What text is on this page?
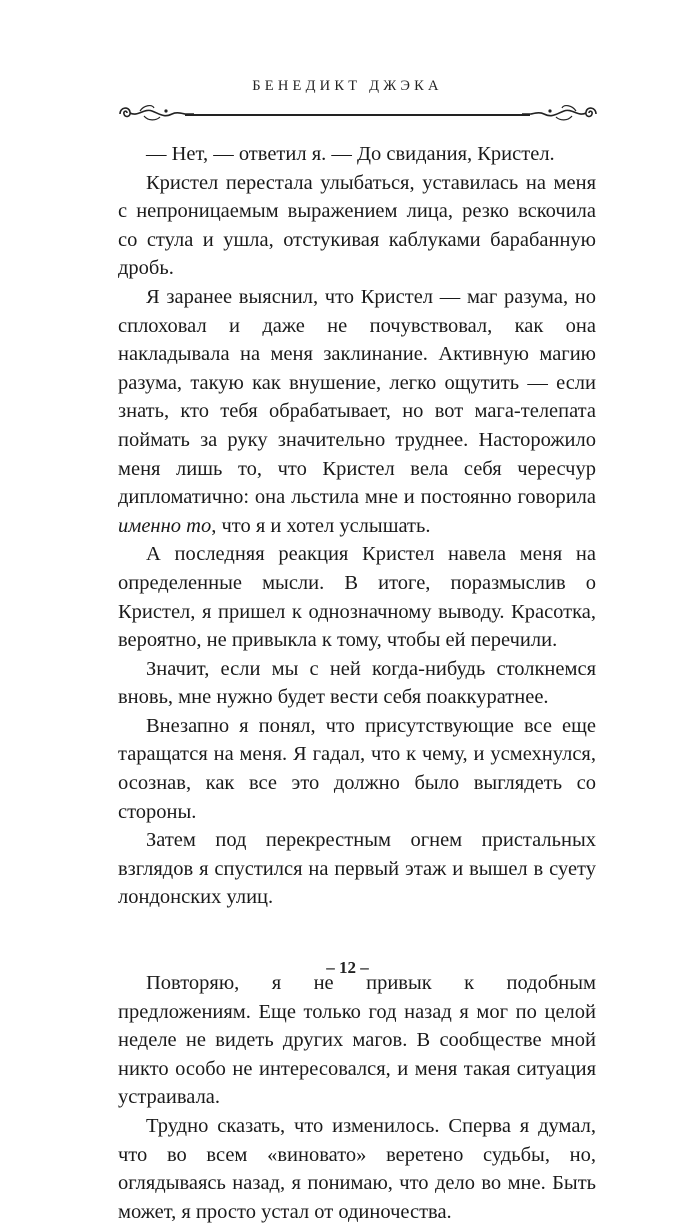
БЕНЕДИКТ ДЖЭКА

— Нет, — ответил я. — До свидания, Кристел.

Кристел перестала улыбаться, уставилась на меня с непроницаемым выражением лица, резко вскочила со стула и ушла, отстукивая каблуками барабанную дробь.

Я заранее выяснил, что Кристел — маг разума, но сплоховал и даже не почувствовал, как она накладывала на меня заклинание. Активную магию разума, такую как внушение, легко ощутить — если знать, кто тебя обрабатывает, но вот мага-телепата поймать за руку значительно труднее. Насторожило меня лишь то, что Кристел вела себя чересчур дипломатично: она льстила мне и постоянно говорила именно то, что я и хотел услышать.

А последняя реакция Кристел навела меня на определенные мысли. В итоге, поразмыслив о Кристел, я пришел к однозначному выводу. Красотка, вероятно, не привыкла к тому, чтобы ей перечили.

Значит, если мы с ней когда-нибудь столкнемся вновь, мне нужно будет вести себя поаккуратнее.

Внезапно я понял, что присутствующие все еще таращатся на меня. Я гадал, что к чему, и усмехнулся, осознав, как все это должно было выглядеть со стороны.

Затем под перекрестным огнем пристальных взглядов я спустился на первый этаж и вышел в суету лондонских улиц.

Повторяю, я не привык к подобным предложениям. Еще только год назад я мог по целой неделе не видеть других магов. В сообществе мной никто особо не интересовался, и меня такая ситуация устраивала.

Трудно сказать, что изменилось. Сперва я думал, что во всем «виновато» веретено судьбы, но, оглядываясь назад, я понимаю, что дело во мне. Быть может, я просто устал от одиночества.

– 12 –
